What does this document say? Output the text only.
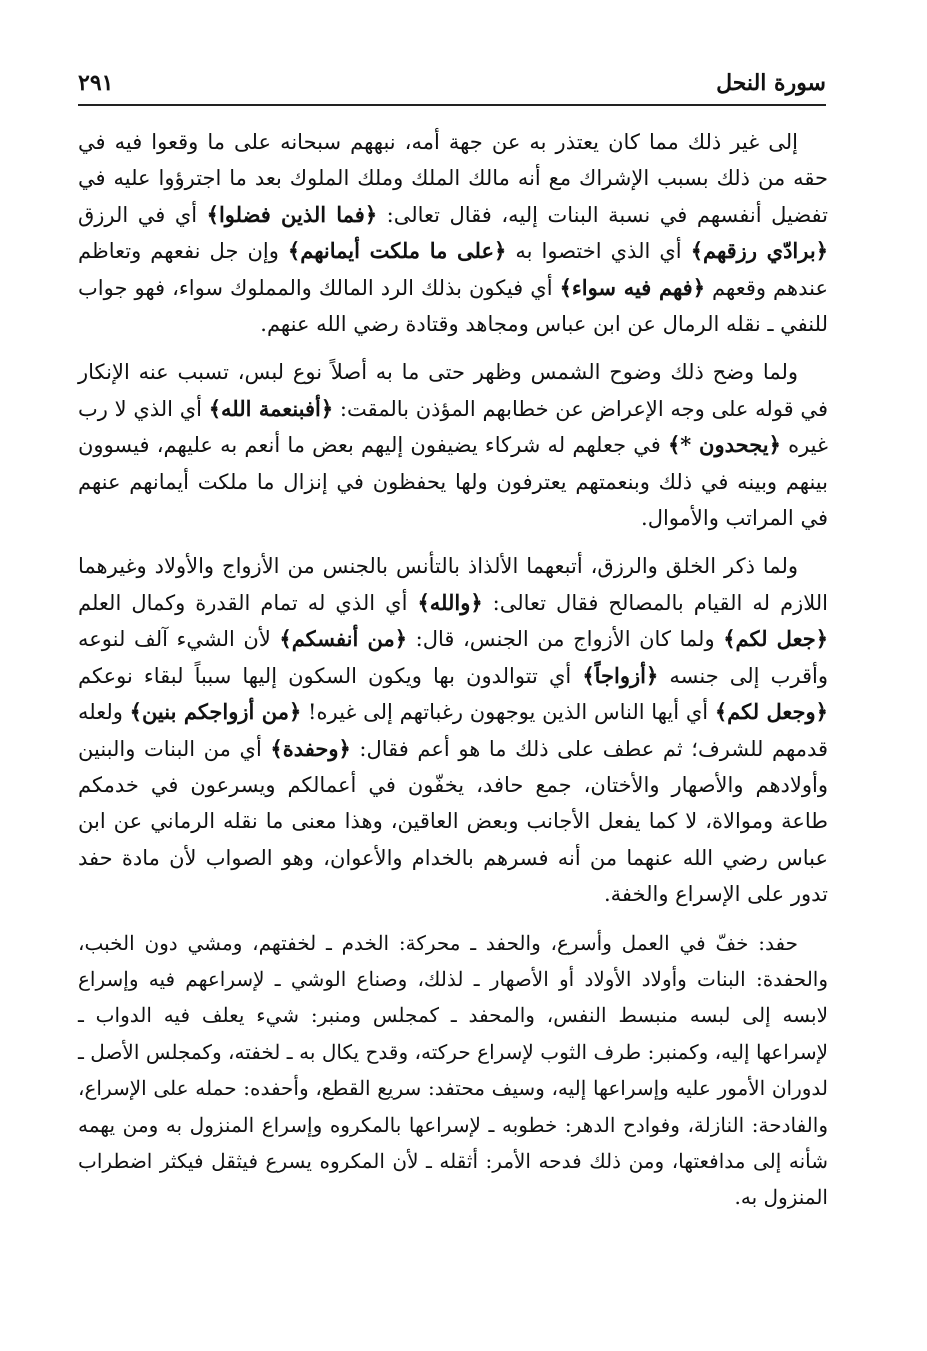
٢٩١	سورة النحل

إلى غير ذلك مما كان يعتذر به عن جهة أمه، نبههم سبحانه على ما وقعوا فيه في حقه من ذلك بسبب الإشراك مع أنه مالك الملك وملك الملوك بعد ما اجترؤوا عليه في تفضيل أنفسهم في نسبة البنات إليه، فقال تعالى: ﴿فما الذين فضلوا﴾ أي في الرزق ﴿برادّي رزقهم﴾ أي الذي اختصوا به ﴿على ما ملكت أيمانهم﴾ وإن جل نفعهم وتعاظم عندهم وقعهم ﴿فهم فيه سواء﴾ أي فيكون بذلك الرد المالك والمملوك سواء، فهو جواب للنفي ـ نقله الرمال عن ابن عباس ومجاهد وقتادة رضي الله عنهم.

ولما وضح ذلك وضوح الشمس وظهر حتى ما به أصلاً نوع لبس، تسبب عنه الإنكار في قوله على وجه الإعراض عن خطابهم المؤذن بالمقت: ﴿أفبنعمة الله﴾ أي الذي لا رب غيره ﴿يجحدون *﴾ في جعلهم له شركاء يضيفون إليهم بعض ما أنعم به عليهم، فيسوون بينهم وبينه في ذلك وبنعمتهم يعترفون ولها يحفظون في إنزال ما ملكت أيمانهم عنهم في المراتب والأموال.

ولما ذكر الخلق والرزق، أتبعهما الألذاذ بالتأنس بالجنس من الأزواج والأولاد وغيرهما اللازم له القيام بالمصالح فقال تعالى: ﴿والله﴾ أي الذي له تمام القدرة وكمال العلم ﴿جعل لكم﴾ ولما كان الأزواج من الجنس، قال: ﴿من أنفسكم﴾ لأن الشيء آلف لنوعه وأقرب إلى جنسه ﴿أزواجاً﴾ أي تتوالدون بها ويكون السكون إليها سبباً لبقاء نوعكم ﴿وجعل لكم﴾ أي أيها الناس الذين يوجهون رغباتهم إلى غيره! ﴿من أزواجكم بنين﴾ ولعله قدمهم للشرف؛ ثم عطف على ذلك ما هو أعم فقال: ﴿وحفدة﴾ أي من البنات والبنين وأولادهم والأصهار والأختان، جمع حافد، يخفّون في أعمالكم ويسرعون في خدمكم طاعة وموالاة، لا كما يفعل الأجانب وبعض العاقين، وهذا معنى ما نقله الرماني عن ابن عباس رضي الله عنهما من أنه فسرهم بالخدام والأعوان، وهو الصواب لأن مادة حفد تدور على الإسراع والخفة.

حفد: خفّ في العمل وأسرع، والحفد ـ محركة: الخدم ـ لخفتهم، ومشي دون الخبب، والحفدة: البنات وأولاد الأولاد أو الأصهار ـ لذلك، وصناع الوشي ـ لإسراعهم فيه وإسراع لابسه إلى لبسه منبسط النفس، والمحفد ـ كمجلس ومنبر: شيء يعلف فيه الدواب ـ لإسراعها إليه، وكمنبر: طرف الثوب لإسراع حركته، وقدح يكال به ـ لخفته، وكمجلس الأصل ـ لدوران الأمور عليه وإسراعها إليه، وسيف محتفد: سريع القطع، وأحفده: حمله على الإسراع، والفادحة: النازلة، وفوادح الدهر: خطوبه ـ لإسراعها بالمكروه وإسراع المنزول به ومن يهمه شأنه إلى مدافعتها، ومن ذلك فدحه الأمر: أثقله ـ لأن المكروه يسرع فيثقل فيكثر اضطراب المنزول به.
